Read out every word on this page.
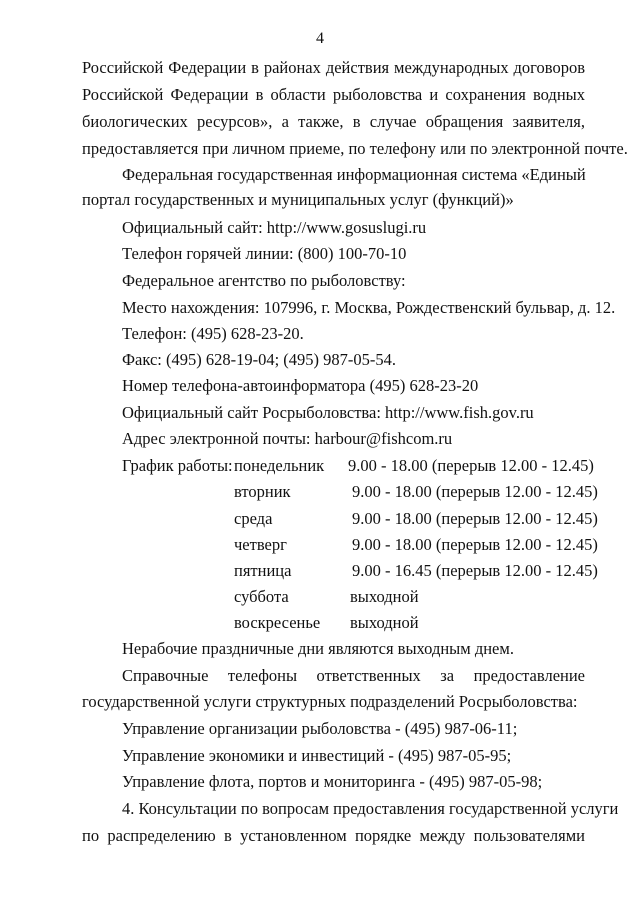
4
Российской Федерации в районах действия международных договоров
Российской Федерации в области рыболовства и сохранения водных
биологических ресурсов», а также, в случае обращения заявителя,
предоставляется при личном приеме, по телефону или по электронной почте.
Федеральная государственная информационная система «Единый
портал государственных и муниципальных услуг (функций)»
Официальный сайт: http://www.gosuslugi.ru
Телефон горячей линии: (800) 100-70-10
Федеральное агентство по рыболовству:
Место нахождения: 107996, г. Москва, Рождественский бульвар, д. 12.
Телефон: (495) 628-23-20.
Факс: (495) 628-19-04; (495) 987-05-54.
Номер телефона-автоинформатора (495) 628-23-20
Официальный сайт Росрыболовства: http://www.fish.gov.ru
Адрес электронной почты: harbour@fishcom.ru
График работы: понедельник 9.00 - 18.00 (перерыв 12.00 - 12.45)
вторник	9.00 - 18.00 (перерыв 12.00 - 12.45)
среда	9.00 - 18.00 (перерыв 12.00 - 12.45)
четверг	9.00 - 18.00 (перерыв 12.00 - 12.45)
пятница	9.00 - 16.45 (перерыв 12.00 - 12.45)
суббота	выходной
воскресенье выходной
Нерабочие праздничные дни являются выходным днем.
Справочные телефоны ответственных за предоставление
государственной услуги структурных подразделений Росрыболовства:
Управление организации рыболовства - (495) 987-06-11;
Управление экономики и инвестиций - (495) 987-05-95;
Управление флота, портов и мониторинга - (495) 987-05-98;
4. Консультации по вопросам предоставления государственной услуги
по распределению в установленном порядке между пользователями
